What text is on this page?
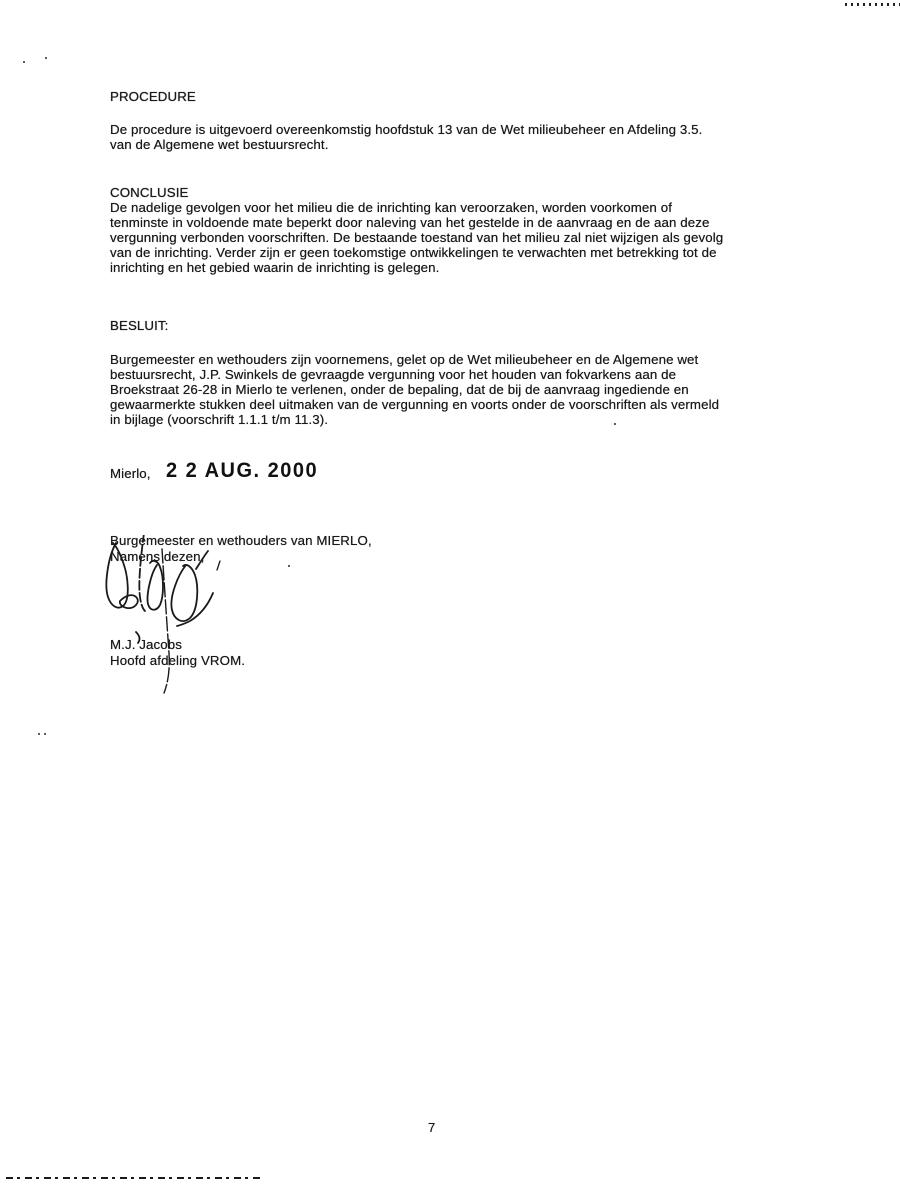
PROCEDURE
De procedure is uitgevoerd overeenkomstig hoofdstuk 13 van de Wet milieubeheer en Afdeling 3.5.
van de Algemene wet bestuursrecht.
CONCLUSIE
De nadelige gevolgen voor het milieu die de inrichting kan veroorzaken, worden voorkomen of
tenminste in voldoende mate beperkt door naleving van het gestelde in de aanvraag en de aan deze
vergunning verbonden voorschriften. De bestaande toestand van het milieu zal niet wijzigen als gevolg
van de inrichting. Verder zijn er geen toekomstige ontwikkelingen te verwachten met betrekking tot de
inrichting en het gebied waarin de inrichting is gelegen.
BESLUIT:
Burgemeester en wethouders zijn voornemens, gelet op de Wet milieubeheer en de Algemene wet
bestuursrecht, J.P. Swinkels de gevraagde vergunning voor het houden van fokvarkens aan de
Broekstraat 26-28 in Mierlo te verlenen, onder de bepaling, dat de bij de aanvraag ingediende en
gewaarmerkte stukken deel uitmaken van de vergunning en voorts onder de voorschriften als vermeld
in bijlage (voorschrift 1.1.1 t/m 11.3).
Mierlo, 2 2 AUG. 2000
Burgemeester en wethouders van MIERLO,
Namens dezen,
M.J. Jacobs
Hoofd afdeling VROM.
7
